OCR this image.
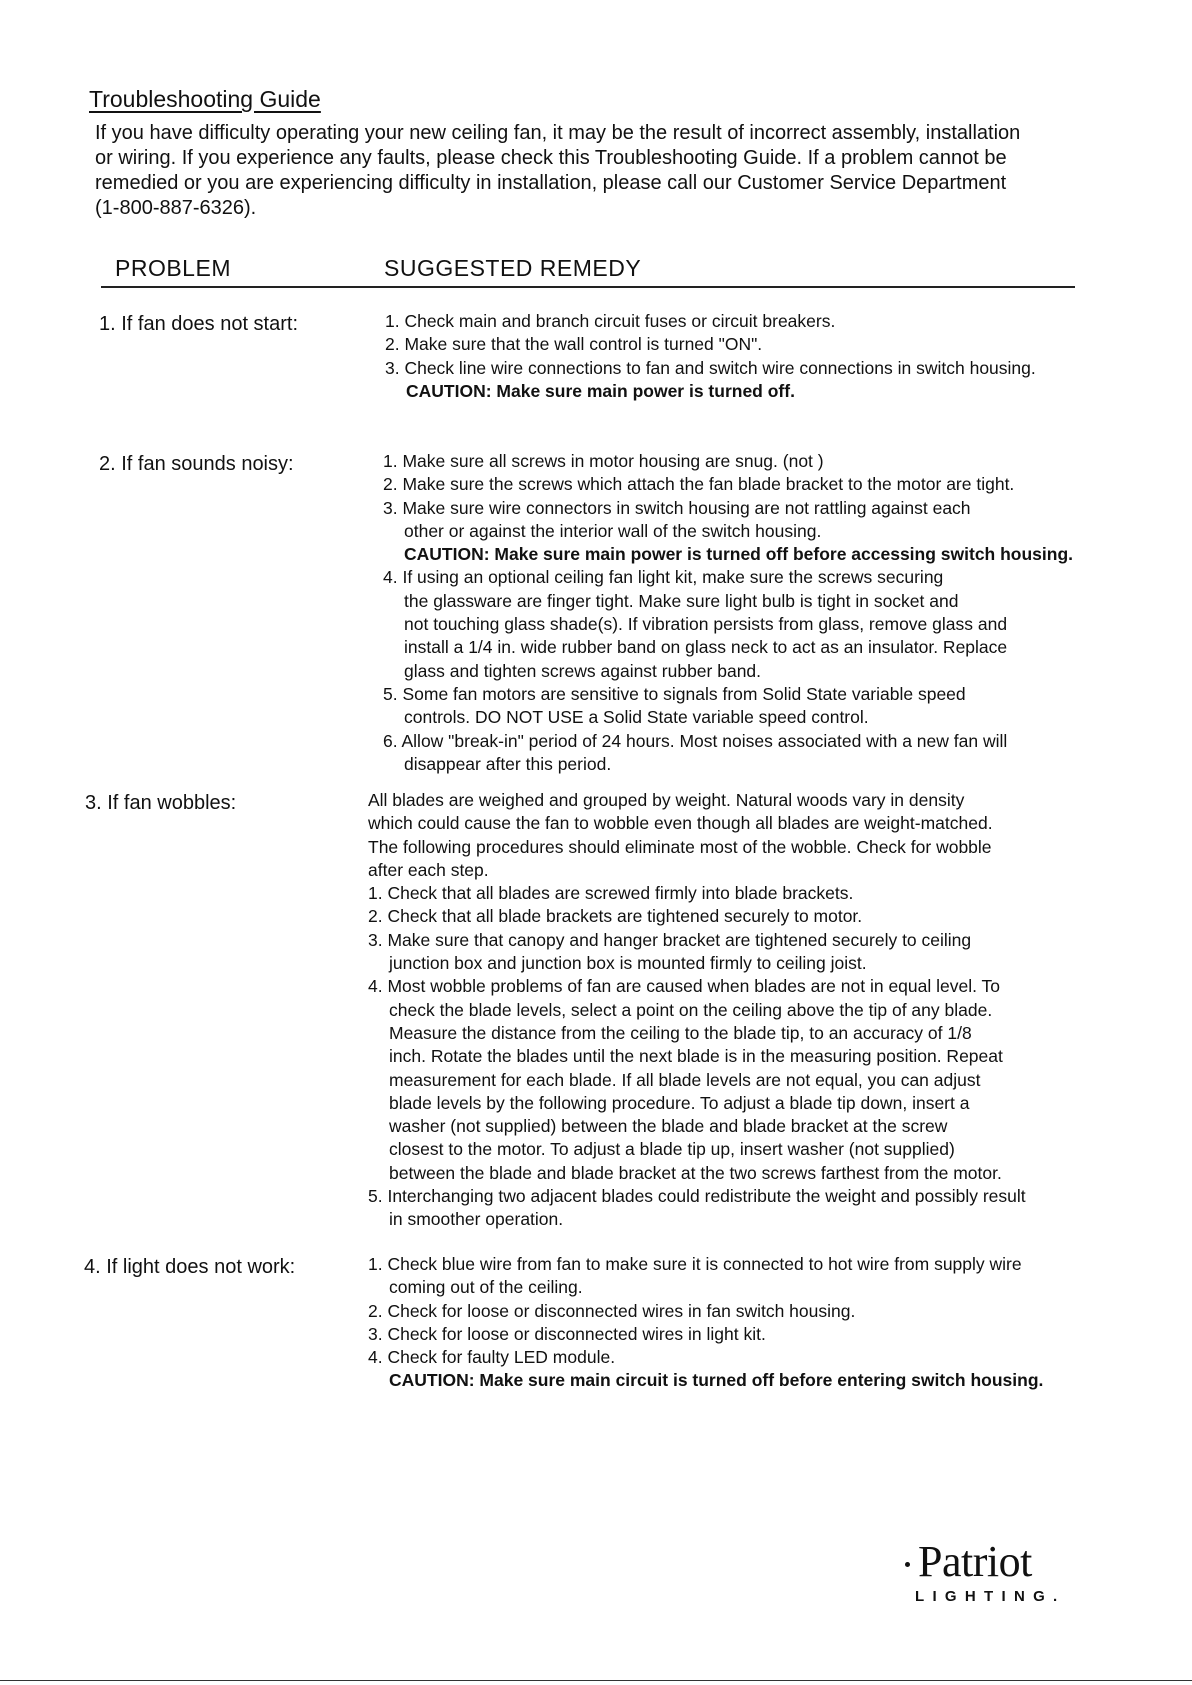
Troubleshooting Guide
If you have difficulty operating your new ceiling fan, it may be the result of incorrect assembly, installation
or wiring. If you experience any faults, please check this Troubleshooting Guide. If a problem cannot be
remedied or you are experiencing difficulty in installation, please call our Customer Service Department
(1-800-887-6326).
PROBLEM	SUGGESTED REMEDY
1. If fan does not start:	1. Check main and branch circuit fuses or circuit breakers.
2. Make sure that the wall control is turned "ON".
3. Check line wire connections to fan and switch wire connections in switch housing.
CAUTION: Make sure main power is turned off.
2. If fan sounds noisy:	1. Make sure all screws in motor housing are snug. (not )
2. Make sure the screws which attach the fan blade bracket to the motor are tight.
3. Make sure wire connectors in switch housing are not rattling against each
other or against the interior wall of the switch housing.
CAUTION: Make sure main power is turned off before accessing switch housing.
4. If using an optional ceiling fan light kit, make sure the screws securing
the glassware are finger tight. Make sure light bulb is tight in socket and
not touching glass shade(s). If vibration persists from glass, remove glass and
install a 1/4 in. wide rubber band on glass neck to act as an insulator. Replace
glass and tighten screws against rubber band.
5. Some fan motors are sensitive to signals from Solid State variable speed
controls. DO NOT USE a Solid State variable speed control.
6. Allow "break-in" period of 24 hours. Most noises associated with a new fan will
disappear after this period.
3. If fan wobbles:	All blades are weighed and grouped by weight. Natural woods vary in density
which could cause the fan to wobble even though all blades are weight-matched.
The following procedures should eliminate most of the wobble. Check for wobble
after each step.
1. Check that all blades are screwed firmly into blade brackets.
2. Check that all blade brackets are tightened securely to motor.
3. Make sure that canopy and hanger bracket are tightened securely to ceiling
junction box and junction box is mounted firmly to ceiling joist.
4. Most wobble problems of fan are caused when blades are not in equal level. To
check the blade levels, select a point on the ceiling above the tip of any blade.
Measure the distance from the ceiling to the blade tip, to an accuracy of 1/8
inch. Rotate the blades until the next blade is in the measuring position. Repeat
measurement for each blade. If all blade levels are not equal, you can adjust
blade levels by the following procedure. To adjust a blade tip down, insert a
washer (not supplied) between the blade and blade bracket at the screw
closest to the motor. To adjust a blade tip up, insert washer (not supplied)
between the blade and blade bracket at the two screws farthest from the motor.
5. Interchanging two adjacent blades could redistribute the weight and possibly result
in smoother operation.
4. If light does not work:	1. Check blue wire from fan to make sure it is connected to hot wire from supply wire
coming out of the ceiling.
2. Check for loose or disconnected wires in fan switch housing.
3. Check for loose or disconnected wires in light kit.
4. Check for faulty LED module.
CAUTION: Make sure main circuit is turned off before entering switch housing.
Patriot
LIGHTING.
